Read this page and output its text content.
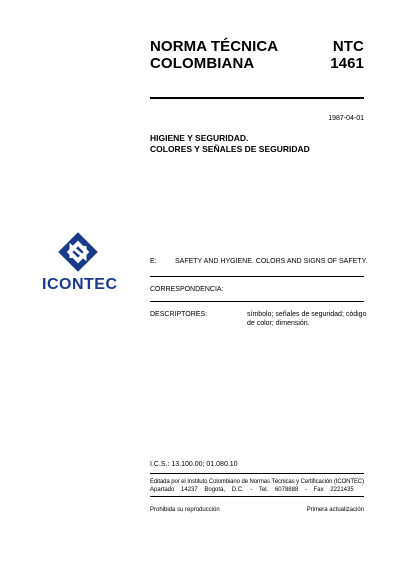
NORMA TÉCNICA
COLOMBIANA
NTC
1461
1987-04-01
HIGIENE Y SEGURIDAD.
COLORES Y SEÑALES DE SEGURIDAD
ICONTEC
E:	SAFETY AND HYGIENE. COLORS AND SIGNS OF SAFETY.
CORRESPONDENCIA:
DESCRIPTORES:	símbolo; señales de seguridad; código
de color; dimensión.
I.C.S.: 13.100.00; 01.080.10
Editada por el Instituto Colombiano de Normas Técnicas y Certificación (ICONTEC)
Apartado    14237    Bogotá,    D.C.    -    Tel.    6078888    -    Fax    2221435
Prohibida su reproducción	Primera actualización
